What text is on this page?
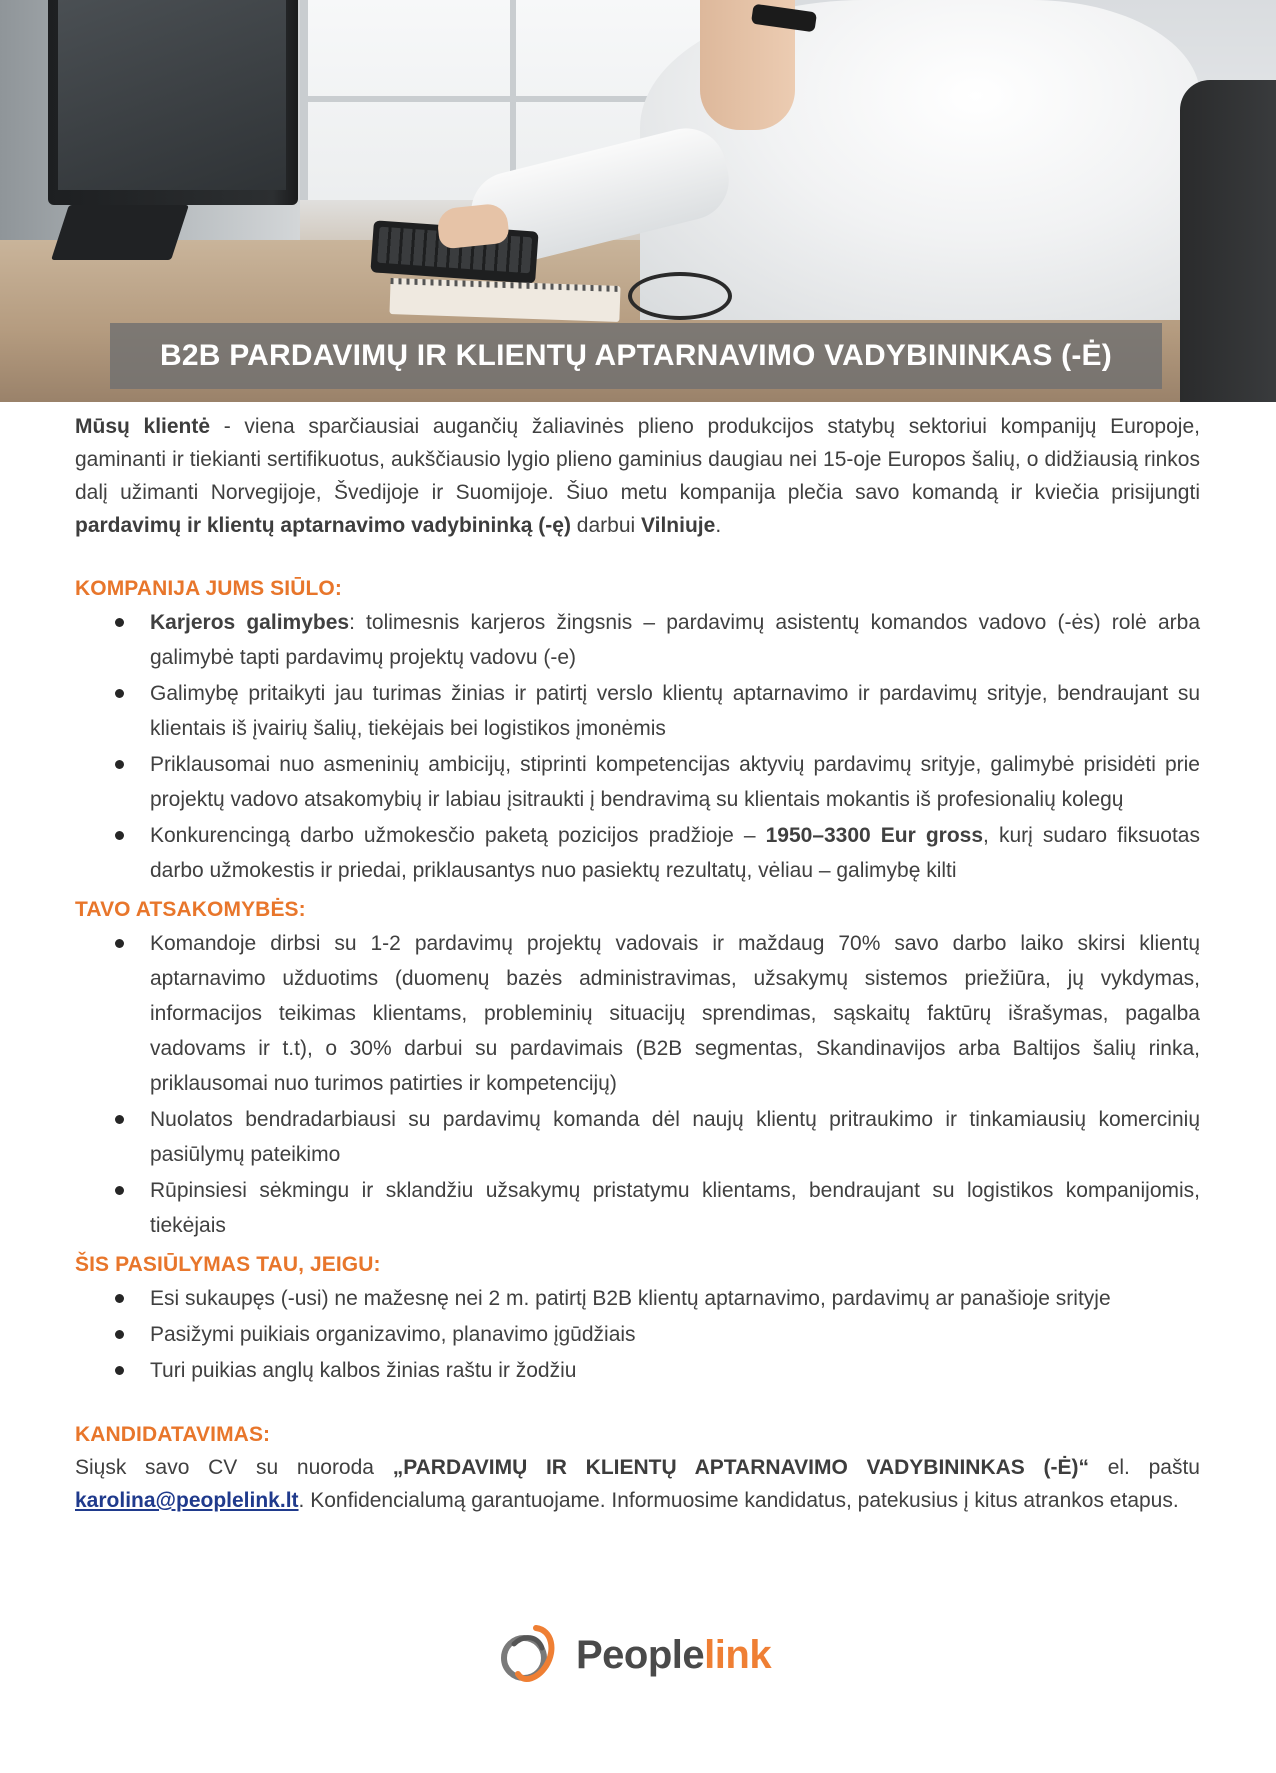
B2B PARDAVIMŲ IR KLIENTŲ APTARNAVIMO VADYBININKAS (-Ė)

Mūsų klientė - viena sparčiausiai augančių žaliavinės plieno produkcijos statybų sektoriui kompanijų Europoje, gaminanti ir tiekianti sertifikuotus, aukščiausio lygio plieno gaminius daugiau nei 15-oje Europos šalių, o didžiausią rinkos dalį užimanti Norvegijoje, Švedijoje ir Suomijoje. Šiuo metu kompanija plečia savo komandą ir kviečia prisijungti pardavimų ir klientų aptarnavimo vadybininką (-ę) darbui Vilniuje.

KOMPANIJA JUMS SIŪLO:
Karjeros galimybes: tolimesnis karjeros žingsnis – pardavimų asistentų komandos vadovo (-ės) rolė arba galimybė tapti pardavimų projektų vadovu (-e)
Galimybę pritaikyti jau turimas žinias ir patirtį verslo klientų aptarnavimo ir pardavimų srityje, bendraujant su klientais iš įvairių šalių, tiekėjais bei logistikos įmonėmis
Priklausomai nuo asmeninių ambicijų, stiprinti kompetencijas aktyvių pardavimų srityje, galimybė prisidėti prie projektų vadovo atsakomybių ir labiau įsitraukti į bendravimą su klientais mokantis iš profesionalių kolegų
Konkurencingą darbo užmokesčio paketą pozicijos pradžioje – 1950–3300 Eur gross, kurį sudaro fiksuotas darbo užmokestis ir priedai, priklausantys nuo pasiektų rezultatų, vėliau – galimybę kilti
TAVO ATSAKOMYBĖS:
Komandoje dirbsi su 1-2 pardavimų projektų vadovais ir maždaug 70% savo darbo laiko skirsi klientų aptarnavimo užduotims (duomenų bazės administravimas, užsakymų sistemos priežiūra, jų vykdymas, informacijos teikimas klientams, probleminių situacijų sprendimas, sąskaitų faktūrų išrašymas, pagalba vadovams ir t.t), o 30% darbui su pardavimais (B2B segmentas, Skandinavijos arba Baltijos šalių rinka, priklausomai nuo turimos patirties ir kompetencijų)
Nuolatos bendradarbiausi su pardavimų komanda dėl naujų klientų pritraukimo ir tinkamiausių komercinių pasiūlymų pateikimo
Rūpinsiesi sėkmingu ir sklandžiu užsakymų pristatymu klientams, bendraujant su logistikos kompanijomis, tiekėjais
ŠIS PASIŪLYMAS TAU, JEIGU:
Esi sukaupęs (-usi) ne mažesnę nei 2 m. patirtį B2B klientų aptarnavimo, pardavimų ar panašioje srityje
Pasižymi puikiais organizavimo, planavimo įgūdžiais
Turi puikias anglų kalbos žinias raštu ir žodžiu
KANDIDATAVIMAS:

Siųsk savo CV su nuoroda „PARDAVIMŲ IR KLIENTŲ APTARNAVIMO VADYBININKAS (-Ė)“ el. paštu karolina@peoplelink.lt. Konfidencialumą garantuojame. Informuosime kandidatus, patekusius į kitus atrankos etapus.

Peoplelink
